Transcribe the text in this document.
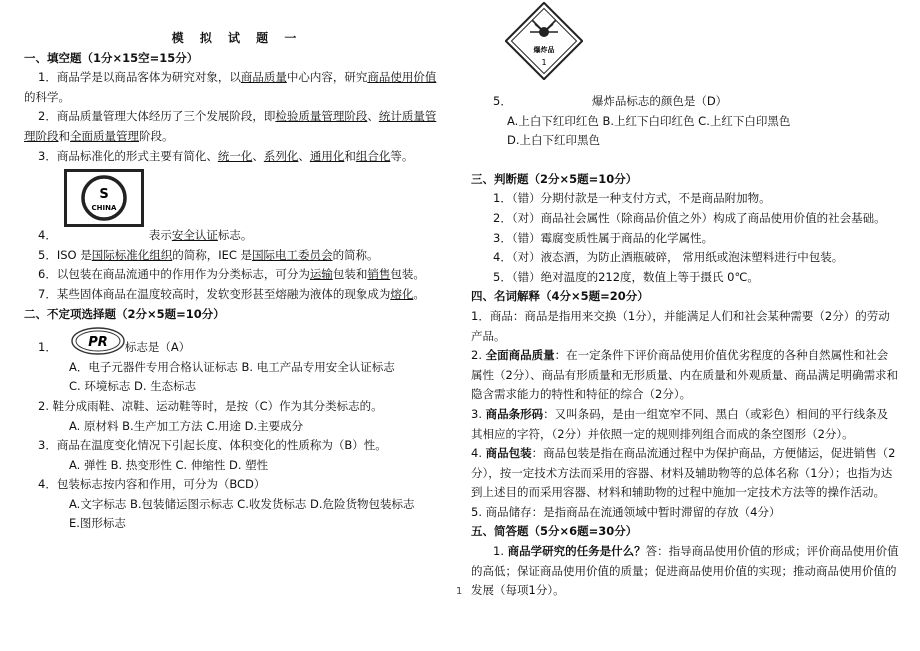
模 拟 试 题 一
一、填空题（1分×15空=15分）

1．商品学是以商品客体为研究对象，以商品质量中心内容，研究商品使用价值

的科学。

2．商品质量管理大体经历了三个发展阶段，即检验质量管理阶段、统计质量管

理阶段和全面质量管理阶段。

3．商品标准化的形式主要有简化、统一化、系列化、通用化和组合化等。

S
CHINA

4．	表示安全认证标志。

5．ISO 是国际标准化组织的简称，IEC 是国际电工委员会的简称。

6．以包装在商品流通中的作用作为分类标志，可分为运输包装和销售包装。

7．某些固体商品在温度较高时，发软变形甚至熔融为液体的现象成为熔化。

二、不定项选择题（2分×5题=10分）
PR

1．	标志是（A）

A．电子元器件专用合格认证标志 B. 电工产品专用安全认证标志

C. 环境标志 D. 生态标志

2. 鞋分成雨鞋、凉鞋、运动鞋等时，是按（C）作为其分类标志的。

A. 原材料 B.生产加工方法 C.用途 D.主要成分

3．商品在温度变化情况下引起长度、体积变化的性质称为（B）性。

A. 弹性 B. 热变形性 C. 伸缩性 D. 塑性

4．包装标志按内容和作用，可分为（BCD）

A.文字标志 B.包装储运图示标志 C.收发货标志 D.危险货物包装标志

E.图形标志

爆炸品
1

5．	爆炸品标志的颜色是（D）

A.上白下红印红色 B.上红下白印红色 C.上红下白印黑色

D.上白下红印黑色

三、判断题（2分×5题=10分）

1．（错）分期付款是一种支付方式，不是商品附加物。

2．（对）商品社会属性（除商品价值之外）构成了商品使用价值的社会基础。

3．（错）霉腐变质性属于商品的化学属性。

4．（对）液态酒，为防止酒瓶破碎， 常用纸或泡沫塑料进行中包装。

5．（错）绝对温度的212度，数值上等于摄氏 0℃。

四、名词解释（4分×5题=20分）

1．商品：商品是指用来交换（1分），并能满足人们和社会某种需要（2分）的劳动产品。

2. 全面商品质量：在一定条件下评价商品使用价值优劣程度的各种自然属性和社会属性（2分）、商品有形质量和无形质量、内在质量和外观质量、商品满足明确需求和隐含需求能力的特性和特征的综合（2分）。

3. 商品条形码：又叫条码，是由一组宽窄不同、黑白（或彩色）相间的平行线条及其相应的字符，（2分）并依照一定的规则排列组合而成的条空图形（2分）。

4. 商品包装：商品包装是指在商品流通过程中为保护商品，方便储运，促进销售（2分），按一定技术方法而采用的容器、材料及辅助物等的总体名称（1分）；也指为达到上述目的而采用容器、材料和辅助物的过程中施加一定技术方法等的操作活动。

5. 商品储存：是指商品在流通领域中暂时滞留的存放（4分）

五、简答题（5分×6题=30分）

1. 商品学研究的任务是什么？答：指导商品使用价值的形成；评价商品使用价值的高低；保证商品使用价值的质量；促进商品使用价值的实现；推动商品使用价值的发展（每项1分）。

1
